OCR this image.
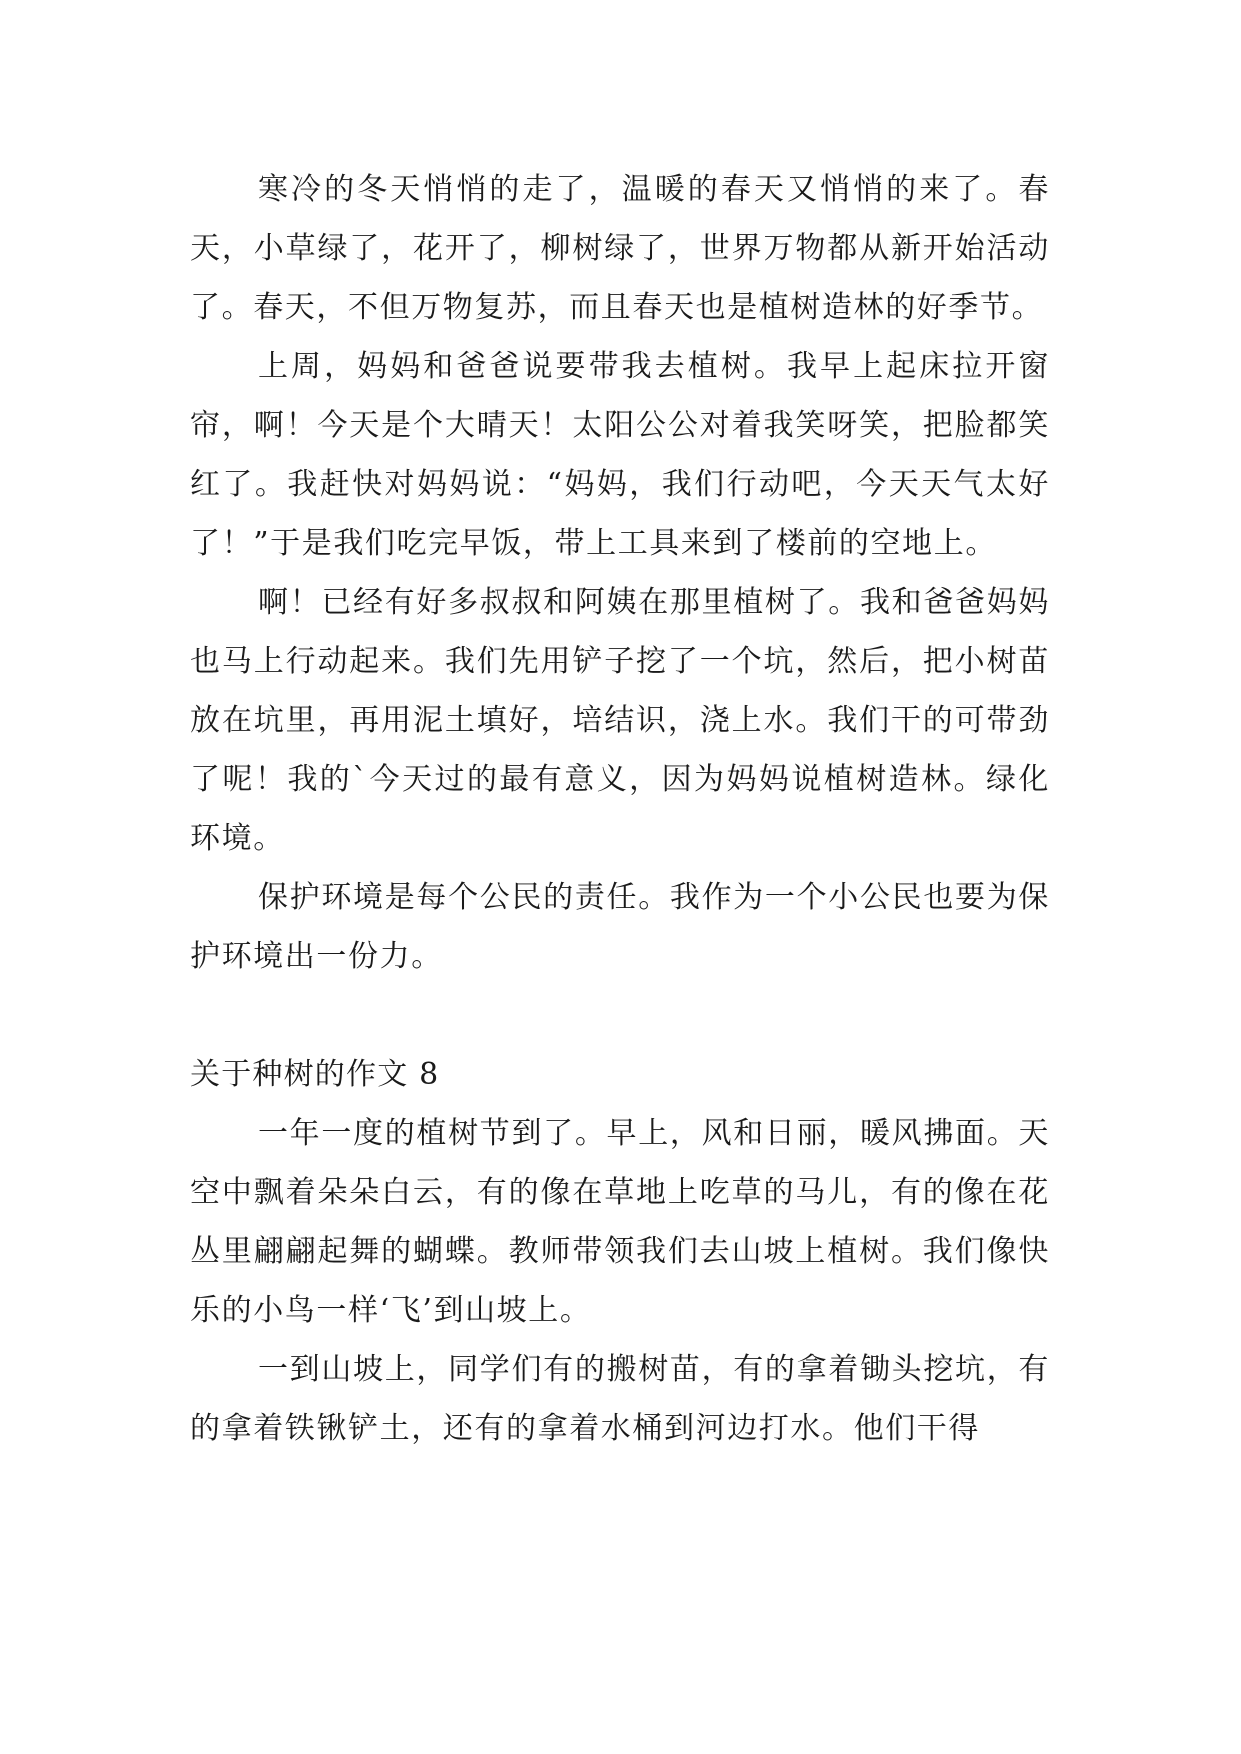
寒冷的冬天悄悄的走了，温暖的春天又悄悄的来了。春天，小草绿了，花开了，柳树绿了，世界万物都从新开始活动了。春天，不但万物复苏，而且春天也是植树造林的好季节。

上周，妈妈和爸爸说要带我去植树。我早上起床拉开窗帘，啊！今天是个大晴天！太阳公公对着我笑呀笑，把脸都笑红了。我赶快对妈妈说：“妈妈，我们行动吧，今天天气太好了！”于是我们吃完早饭，带上工具来到了楼前的空地上。

啊！已经有好多叔叔和阿姨在那里植树了。我和爸爸妈妈也马上行动起来。我们先用铲子挖了一个坑，然后，把小树苗放在坑里，再用泥土填好，培结识，浇上水。我们干的可带劲了呢！我的`今天过的最有意义，因为妈妈说植树造林。绿化环境。

保护环境是每个公民的责任。我作为一个小公民也要为保护环境出一份力。

关于种树的作文 8

一年一度的植树节到了。早上，风和日丽，暖风拂面。天空中飘着朵朵白云，有的像在草地上吃草的马儿，有的像在花丛里翩翩起舞的蝴蝶。教师带领我们去山坡上植树。我们像快乐的小鸟一样‘飞’到山坡上。

一到山坡上，同学们有的搬树苗，有的拿着锄头挖坑，有的拿着铁锹铲土，还有的拿着水桶到河边打水。他们干得
